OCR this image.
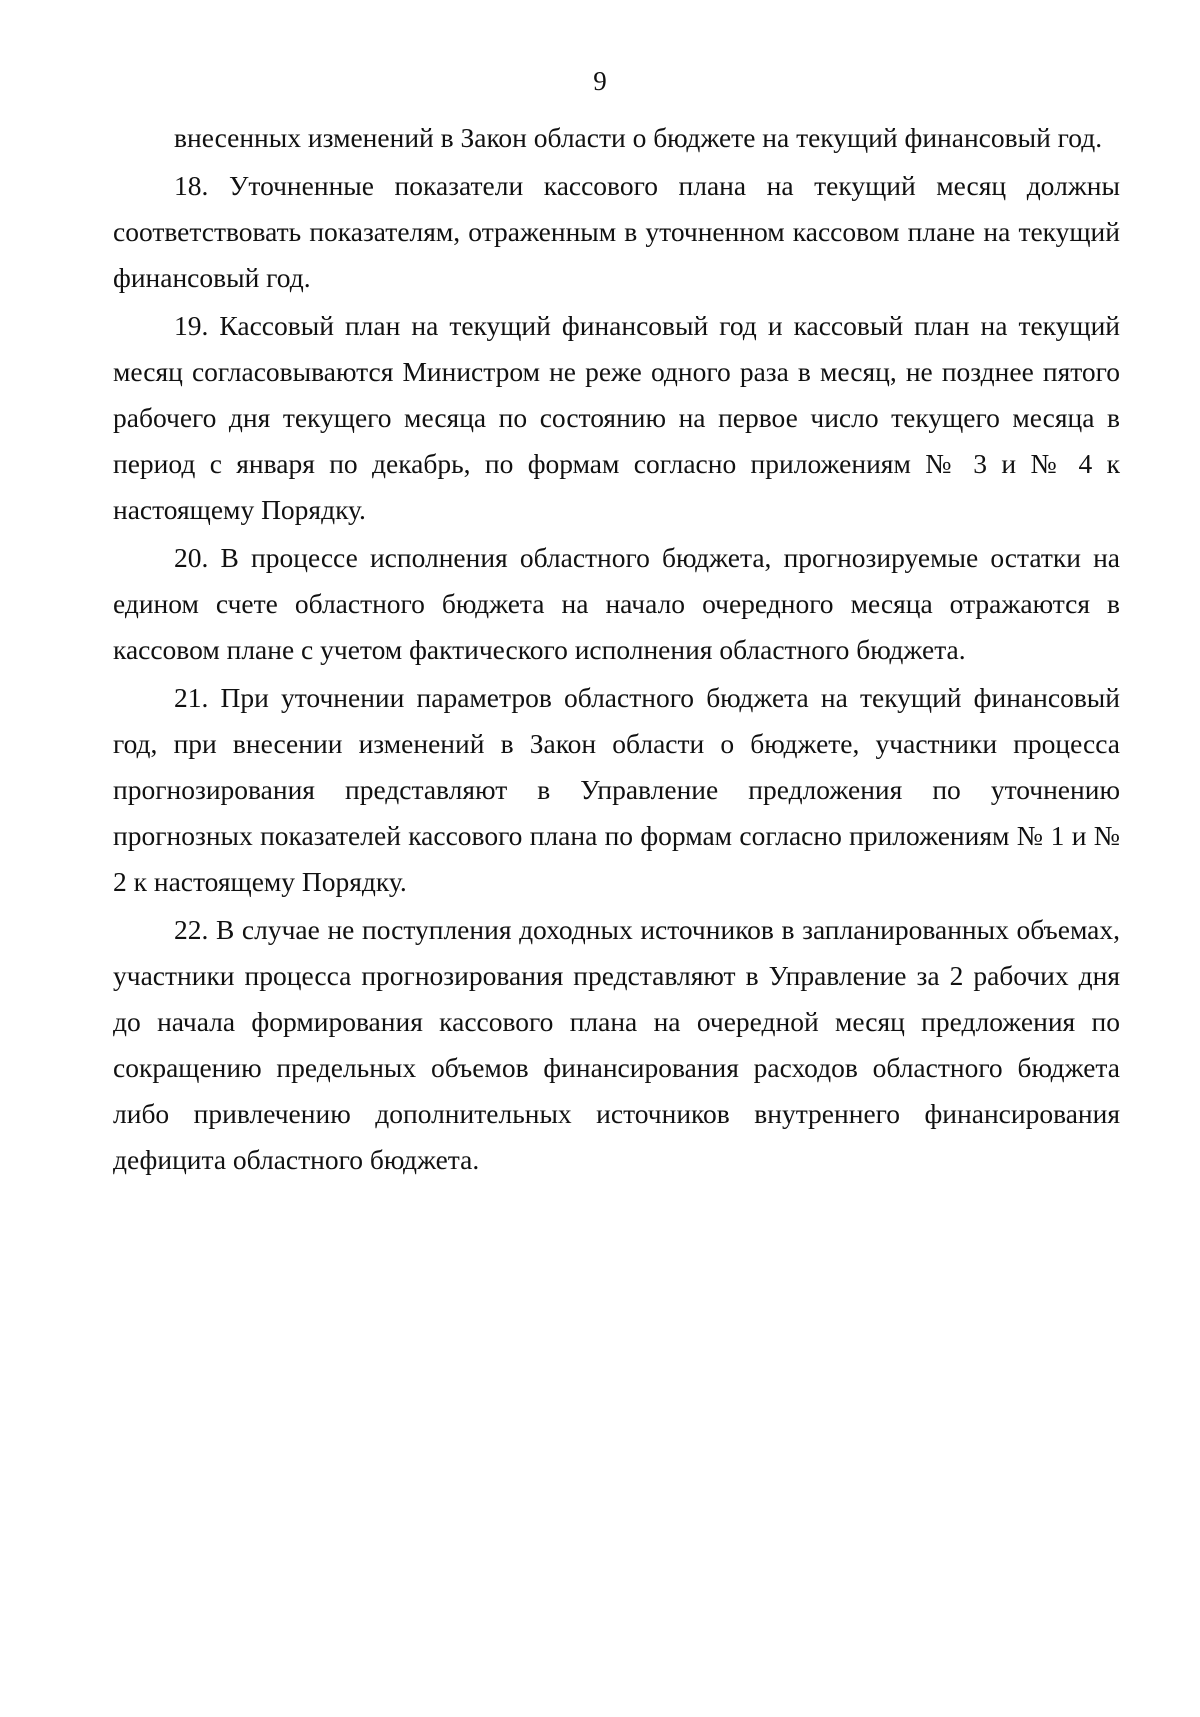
9

внесенных изменений в Закон области о бюджете на текущий финансовый год.

18. Уточненные показатели кассового плана на текущий месяц должны соответствовать показателям, отраженным в уточненном кассовом плане на текущий финансовый год.

19. Кассовый план на текущий финансовый год и кассовый план на текущий месяц согласовываются Министром не реже одного раза в месяц, не позднее пятого рабочего дня текущего месяца по состоянию на первое число текущего месяца в период с января по декабрь, по формам согласно приложениям № 3 и № 4 к настоящему Порядку.

20. В процессе исполнения областного бюджета, прогнозируемые остатки на едином счете областного бюджета на начало очередного месяца отражаются в кассовом плане с учетом фактического исполнения областного бюджета.

21. При уточнении параметров областного бюджета на текущий финансовый год, при внесении изменений в Закон области о бюджете, участники процесса прогнозирования представляют в Управление предложения по уточнению прогнозных показателей кассового плана по формам согласно приложениям № 1 и № 2 к настоящему Порядку.

22. В случае не поступления доходных источников в запланированных объемах, участники процесса прогнозирования представляют в Управление за 2 рабочих дня до начала формирования кассового плана на очередной месяц предложения по сокращению предельных объемов финансирования расходов областного бюджета либо привлечению дополнительных источников внутреннего финансирования дефицита областного бюджета.
